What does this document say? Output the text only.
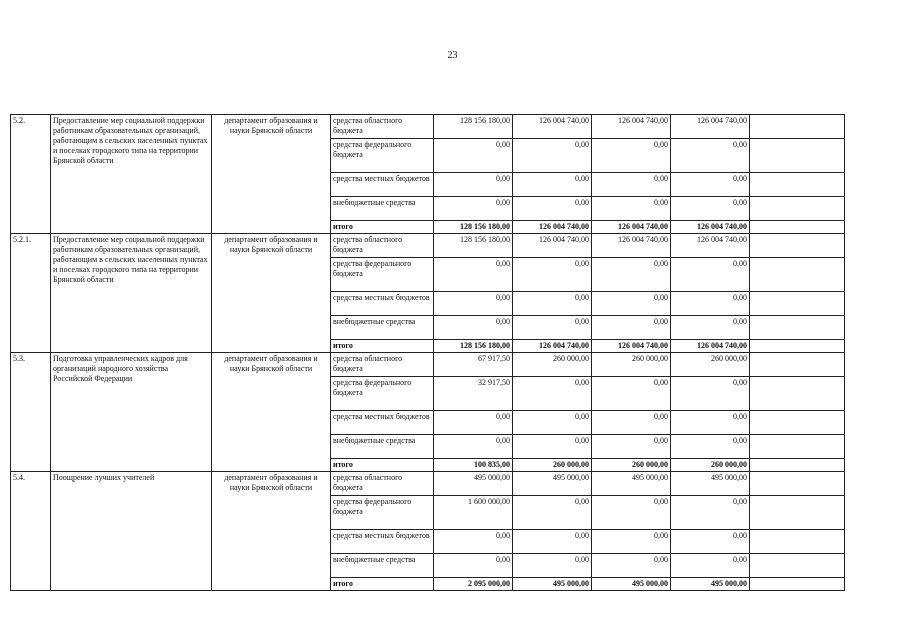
23
5.2.	Предоставление мер социальной поддержки работникам образовательных организаций, работающим в сельских населенных пунктах и поселках городского типа на территории Брянской области	департамент образования и науки Брянской области	средства областного бюджета	128 156 180,00	126 004 740,00	126 004 740,00	126 004 740,00	
			средства федерального бюджета	0,00	0,00	0,00	0,00	
			средства местных бюджетов	0,00	0,00	0,00	0,00	
			внебюджетные средства	0,00	0,00	0,00	0,00	
			итого	128 156 180,00	126 004 740,00	126 004 740,00	126 004 740,00	
5.2.1.	Предоставление мер социальной поддержки работникам образовательных организаций, работающим в сельских населенных пунктах и поселках городского типа на территории Брянской области	департамент образования и науки Брянской области	средства областного бюджета	128 156 180,00	126 004 740,00	126 004 740,00	126 004 740,00	
			средства федерального бюджета	0,00	0,00	0,00	0,00	
			средства местных бюджетов	0,00	0,00	0,00	0,00	
			внебюджетные средства	0,00	0,00	0,00	0,00	
			итого	128 156 180,00	126 004 740,00	126 004 740,00	126 004 740,00	
5.3.	Подготовка управленческих кадров для организаций народного хозяйства Российской Федерации	департамент образования и науки Брянской области	средства областного бюджета	67 917,50	260 000,00	260 000,00	260 000,00	
			средства федерального бюджета	32 917,50	0,00	0,00	0,00	
			средства местных бюджетов	0,00	0,00	0,00	0,00	
			внебюджетные средства	0,00	0,00	0,00	0,00	
			итого	100 835,00	260 000,00	260 000,00	260 000,00	
5.4.	Поощрение лучших учителей	департамент образования и науки Брянской области	средства областного бюджета	495 000,00	495 000,00	495 000,00	495 000,00	
			средства федерального бюджета	1 600 000,00	0,00	0,00	0,00	
			средства местных бюджетов	0,00	0,00	0,00	0,00	
			внебюджетные средства	0,00	0,00	0,00	0,00	
			итого	2 095 000,00	495 000,00	495 000,00	495 000,00	
